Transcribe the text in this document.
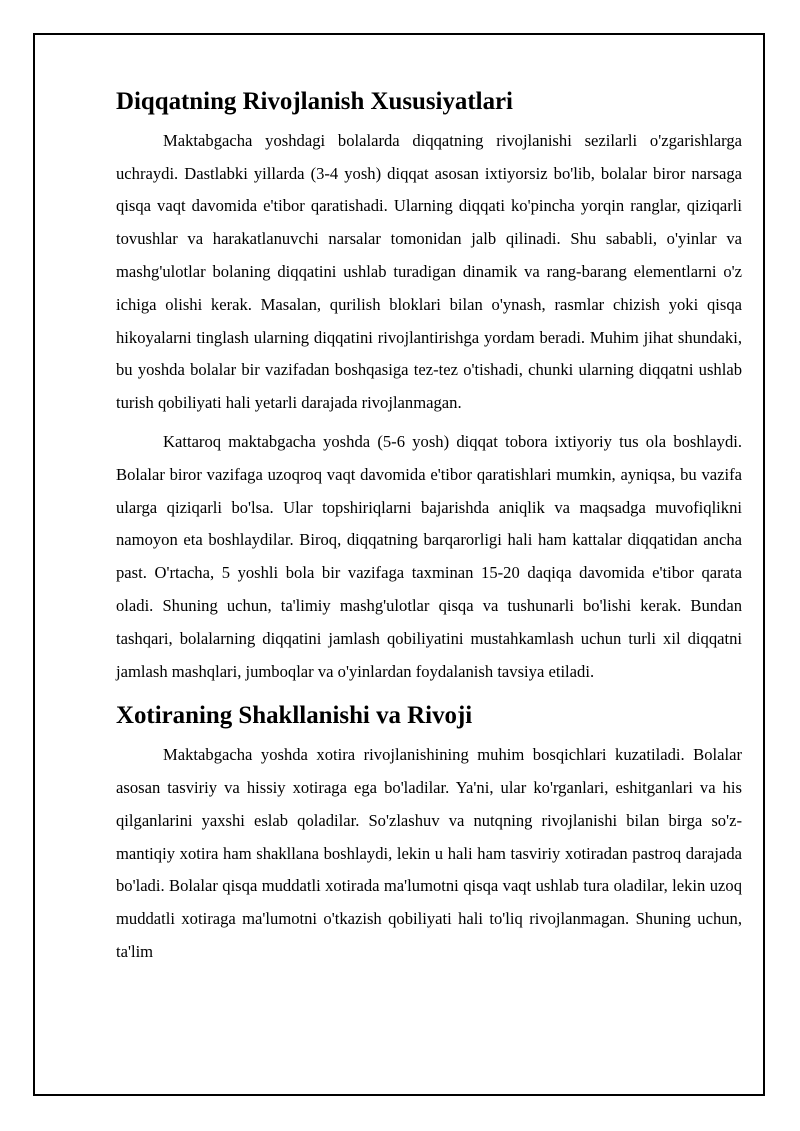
Diqqatning Rivojlanish Xususiyatlari

Maktabgacha yoshdagi bolalarda diqqatning rivojlanishi sezilarli o'zgarishlarga uchraydi. Dastlabki yillarda (3-4 yosh) diqqat asosan ixtiyorsiz bo'lib, bolalar biror narsaga qisqa vaqt davomida e'tibor qaratishadi. Ularning diqqati ko'pincha yorqin ranglar, qiziqarli tovushlar va harakatlanuvchi narsalar tomonidan jalb qilinadi. Shu sababli, o'yinlar va mashg'ulotlar bolaning diqqatini ushlab turadigan dinamik va rang-barang elementlarni o'z ichiga olishi kerak. Masalan, qurilish bloklari bilan o'ynash, rasmlar chizish yoki qisqa hikoyalarni tinglash ularning diqqatini rivojlantirishga yordam beradi. Muhim jihat shundaki, bu yoshda bolalar bir vazifadan boshqasiga tez-tez o'tishadi, chunki ularning diqqatni ushlab turish qobiliyati hali yetarli darajada rivojlanmagan.

Kattaroq maktabgacha yoshda (5-6 yosh) diqqat tobora ixtiyoriy tus ola boshlaydi. Bolalar biror vazifaga uzoqroq vaqt davomida e'tibor qaratishlari mumkin, ayniqsa, bu vazifa ularga qiziqarli bo'lsa. Ular topshiriqlarni bajarishda aniqlik va maqsadga muvofiqlikni namoyon eta boshlaydilar. Biroq, diqqatning barqarorligi hali ham kattalar diqqatidan ancha past. O'rtacha, 5 yoshli bola bir vazifaga taxminan 15-20 daqiqa davomida e'tibor qarata oladi. Shuning uchun, ta'limiy mashg'ulotlar qisqa va tushunarli bo'lishi kerak. Bundan tashqari, bolalarning diqqatini jamlash qobiliyatini mustahkamlash uchun turli xil diqqatni jamlash mashqlari, jumboqlar va o'yinlardan foydalanish tavsiya etiladi.

Xotiraning Shakllanishi va Rivoji

Maktabgacha yoshda xotira rivojlanishining muhim bosqichlari kuzatiladi. Bolalar asosan tasviriy va hissiy xotiraga ega bo'ladilar. Ya'ni, ular ko'rganlari, eshitganlari va his qilganlarini yaxshi eslab qoladilar. So'zlashuv va nutqning rivojlanishi bilan birga so'z-mantiqiy xotira ham shakllana boshlaydi, lekin u hali ham tasviriy xotiradan pastroq darajada bo'ladi. Bolalar qisqa muddatli xotirada ma'lumotni qisqa vaqt ushlab tura oladilar, lekin uzoq muddatli xotiraga ma'lumotni o'tkazish qobiliyati hali to'liq rivojlanmagan. Shuning uchun, ta'lim
